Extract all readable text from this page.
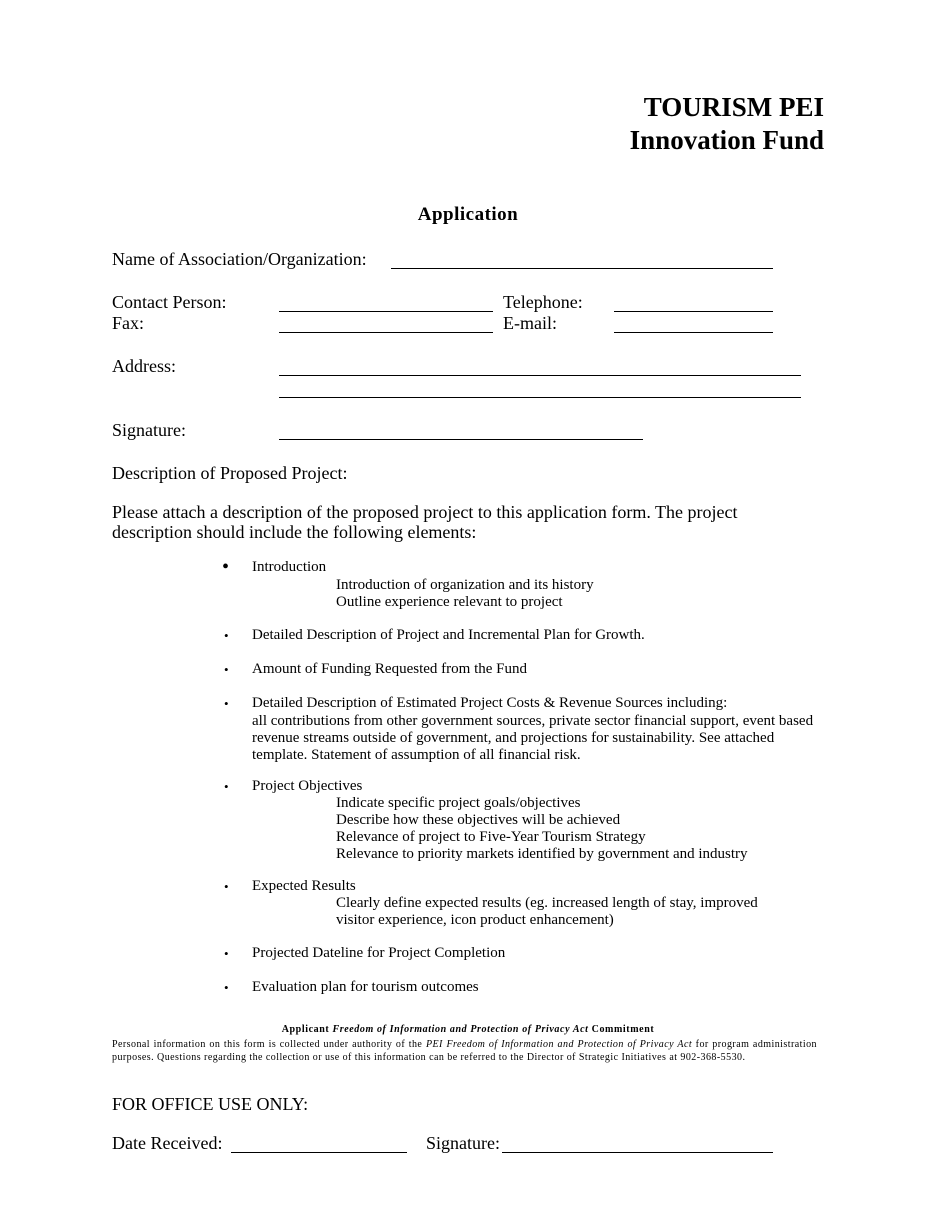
TOURISM PEI
Innovation Fund
Application
Name of Association/Organization:
Contact Person:	Telephone:
Fax:	E-mail:
Address:
Signature:
Description of Proposed Project:
Please attach a description of the proposed project to this application form. The project description should include the following elements:
• Introduction
Introduction of organization and its history
Outline experience relevant to project
• Detailed Description of Project and Incremental Plan for Growth.
• Amount of Funding Requested from the Fund
• Detailed Description of Estimated Project Costs & Revenue Sources including:
all contributions from other government sources, private sector financial support, event based revenue streams outside of government, and projections for sustainability. See attached template. Statement of assumption of all financial risk.
• Project Objectives
Indicate specific project goals/objectives
Describe how these objectives will be achieved
Relevance of project to Five-Year Tourism Strategy
Relevance to priority markets identified by government and industry
• Expected Results
Clearly define expected results (eg. increased length of stay, improved
visitor experience, icon product enhancement)
• Projected Dateline for Project Completion
• Evaluation plan for tourism outcomes
Applicant Freedom of Information and Protection of Privacy Act Commitment
Personal information on this form is collected under authority of the PEI Freedom of Information and Protection of Privacy Act for program administration purposes. Questions regarding the collection or use of this information can be referred to the Director of Strategic Initiatives at 902-368-5530.
FOR OFFICE USE ONLY:
Date Received:	Signature:
